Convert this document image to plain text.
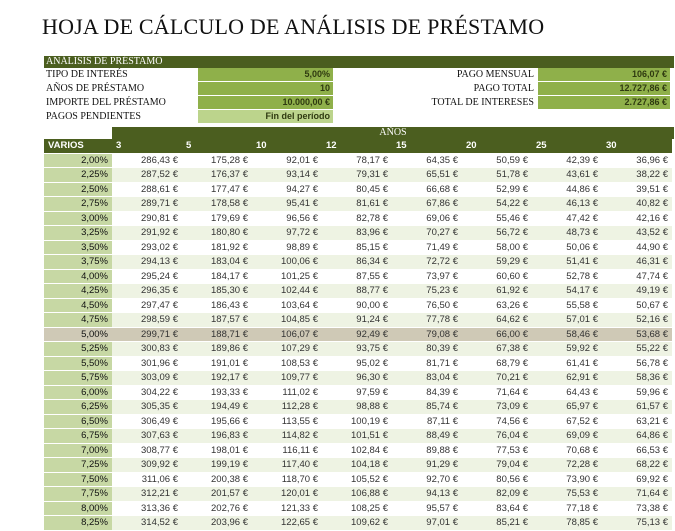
HOJA DE CÁLCULO DE ANÁLISIS DE PRÉSTAMO
ANÁLISIS DE PRÉSTAMO
TIPO DE INTERÉS	5,00%	PAGO MENSUAL	106,07 €
AÑOS DE PRÉSTAMO	10	PAGO TOTAL	12.727,86 €
IMPORTE DEL PRÉSTAMO	10.000,00 €	TOTAL DE INTERESES	2.727,86 €
PAGOS PENDIENTES	Fin del período
AÑOS
VARIOS	3	5	10	12	15	20	25	30
2,00%	286,43 €	175,28 €	92,01 €	78,17 €	64,35 €	50,59 €	42,39 €	36,96 €
2,25%	287,52 €	176,37 €	93,14 €	79,31 €	65,51 €	51,78 €	43,61 €	38,22 €
2,50%	288,61 €	177,47 €	94,27 €	80,45 €	66,68 €	52,99 €	44,86 €	39,51 €
2,75%	289,71 €	178,58 €	95,41 €	81,61 €	67,86 €	54,22 €	46,13 €	40,82 €
3,00%	290,81 €	179,69 €	96,56 €	82,78 €	69,06 €	55,46 €	47,42 €	42,16 €
3,25%	291,92 €	180,80 €	97,72 €	83,96 €	70,27 €	56,72 €	48,73 €	43,52 €
3,50%	293,02 €	181,92 €	98,89 €	85,15 €	71,49 €	58,00 €	50,06 €	44,90 €
3,75%	294,13 €	183,04 €	100,06 €	86,34 €	72,72 €	59,29 €	51,41 €	46,31 €
4,00%	295,24 €	184,17 €	101,25 €	87,55 €	73,97 €	60,60 €	52,78 €	47,74 €
4,25%	296,35 €	185,30 €	102,44 €	88,77 €	75,23 €	61,92 €	54,17 €	49,19 €
4,50%	297,47 €	186,43 €	103,64 €	90,00 €	76,50 €	63,26 €	55,58 €	50,67 €
4,75%	298,59 €	187,57 €	104,85 €	91,24 €	77,78 €	64,62 €	57,01 €	52,16 €
5,00%	299,71 €	188,71 €	106,07 €	92,49 €	79,08 €	66,00 €	58,46 €	53,68 €
5,25%	300,83 €	189,86 €	107,29 €	93,75 €	80,39 €	67,38 €	59,92 €	55,22 €
5,50%	301,96 €	191,01 €	108,53 €	95,02 €	81,71 €	68,79 €	61,41 €	56,78 €
5,75%	303,09 €	192,17 €	109,77 €	96,30 €	83,04 €	70,21 €	62,91 €	58,36 €
6,00%	304,22 €	193,33 €	111,02 €	97,59 €	84,39 €	71,64 €	64,43 €	59,96 €
6,25%	305,35 €	194,49 €	112,28 €	98,88 €	85,74 €	73,09 €	65,97 €	61,57 €
6,50%	306,49 €	195,66 €	113,55 €	100,19 €	87,11 €	74,56 €	67,52 €	63,21 €
6,75%	307,63 €	196,83 €	114,82 €	101,51 €	88,49 €	76,04 €	69,09 €	64,86 €
7,00%	308,77 €	198,01 €	116,11 €	102,84 €	89,88 €	77,53 €	70,68 €	66,53 €
7,25%	309,92 €	199,19 €	117,40 €	104,18 €	91,29 €	79,04 €	72,28 €	68,22 €
7,50%	311,06 €	200,38 €	118,70 €	105,52 €	92,70 €	80,56 €	73,90 €	69,92 €
7,75%	312,21 €	201,57 €	120,01 €	106,88 €	94,13 €	82,09 €	75,53 €	71,64 €
8,00%	313,36 €	202,76 €	121,33 €	108,25 €	95,57 €	83,64 €	77,18 €	73,38 €
8,25%	314,52 €	203,96 €	122,65 €	109,62 €	97,01 €	85,21 €	78,85 €	75,13 €
